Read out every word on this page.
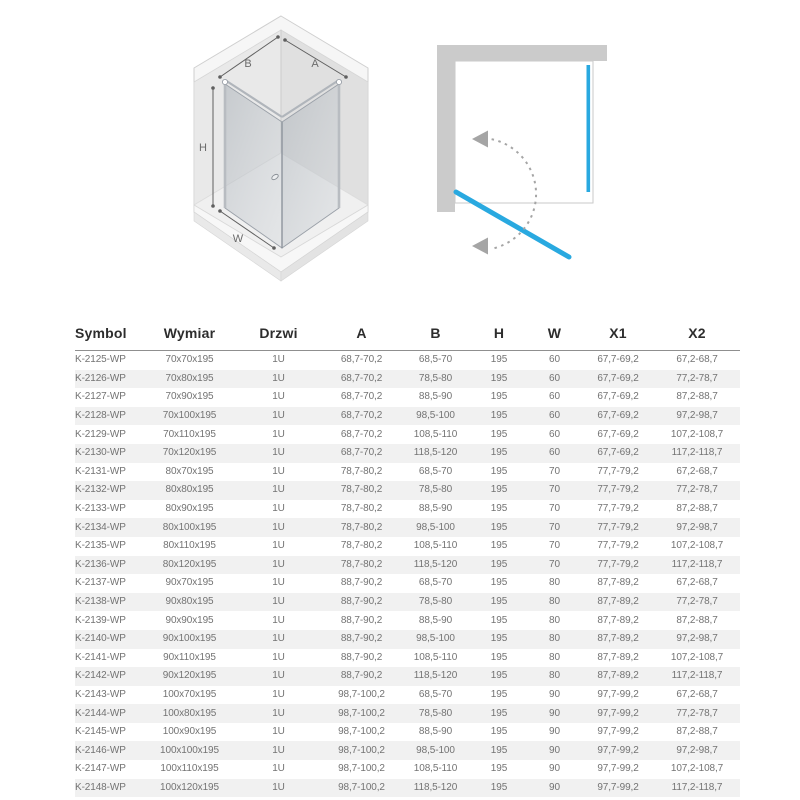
B	A
H
W
Symbol	Wymiar	Drzwi	A	B	H	W	X1	X2
K-2125-WP	70x70x195	1U	68,7-70,2	68,5-70	195	60	67,7-69,2	67,2-68,7
K-2126-WP	70x80x195	1U	68,7-70,2	78,5-80	195	60	67,7-69,2	77,2-78,7
K-2127-WP	70x90x195	1U	68,7-70,2	88,5-90	195	60	67,7-69,2	87,2-88,7
K-2128-WP	70x100x195	1U	68,7-70,2	98,5-100	195	60	67,7-69,2	97,2-98,7
K-2129-WP	70x110x195	1U	68,7-70,2	108,5-110	195	60	67,7-69,2	107,2-108,7
K-2130-WP	70x120x195	1U	68,7-70,2	118,5-120	195	60	67,7-69,2	117,2-118,7
K-2131-WP	80x70x195	1U	78,7-80,2	68,5-70	195	70	77,7-79,2	67,2-68,7
K-2132-WP	80x80x195	1U	78,7-80,2	78,5-80	195	70	77,7-79,2	77,2-78,7
K-2133-WP	80x90x195	1U	78,7-80,2	88,5-90	195	70	77,7-79,2	87,2-88,7
K-2134-WP	80x100x195	1U	78,7-80,2	98,5-100	195	70	77,7-79,2	97,2-98,7
K-2135-WP	80x110x195	1U	78,7-80,2	108,5-110	195	70	77,7-79,2	107,2-108,7
K-2136-WP	80x120x195	1U	78,7-80,2	118,5-120	195	70	77,7-79,2	117,2-118,7
K-2137-WP	90x70x195	1U	88,7-90,2	68,5-70	195	80	87,7-89,2	67,2-68,7
K-2138-WP	90x80x195	1U	88,7-90,2	78,5-80	195	80	87,7-89,2	77,2-78,7
K-2139-WP	90x90x195	1U	88,7-90,2	88,5-90	195	80	87,7-89,2	87,2-88,7
K-2140-WP	90x100x195	1U	88,7-90,2	98,5-100	195	80	87,7-89,2	97,2-98,7
K-2141-WP	90x110x195	1U	88,7-90,2	108,5-110	195	80	87,7-89,2	107,2-108,7
K-2142-WP	90x120x195	1U	88,7-90,2	118,5-120	195	80	87,7-89,2	117,2-118,7
K-2143-WP	100x70x195	1U	98,7-100,2	68,5-70	195	90	97,7-99,2	67,2-68,7
K-2144-WP	100x80x195	1U	98,7-100,2	78,5-80	195	90	97,7-99,2	77,2-78,7
K-2145-WP	100x90x195	1U	98,7-100,2	88,5-90	195	90	97,7-99,2	87,2-88,7
K-2146-WP	100x100x195	1U	98,7-100,2	98,5-100	195	90	97,7-99,2	97,2-98,7
K-2147-WP	100x110x195	1U	98,7-100,2	108,5-110	195	90	97,7-99,2	107,2-108,7
K-2148-WP	100x120x195	1U	98,7-100,2	118,5-120	195	90	97,7-99,2	117,2-118,7
